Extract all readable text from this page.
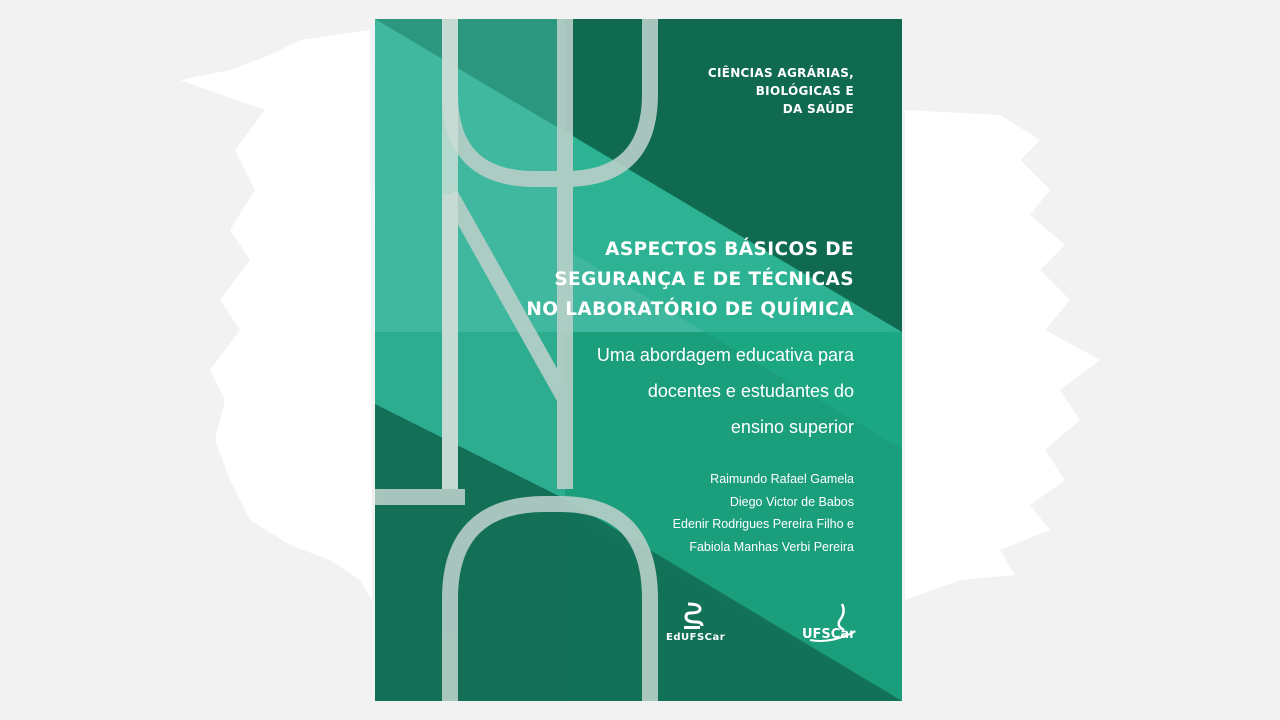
CIÊNCIAS AGRÁRIAS,
BIOLÓGICAS E
DA SAÚDE
ASPECTOS BÁSICOS DE
SEGURANÇA E DE TÉCNICAS
NO LABORATÓRIO DE QUÍMICA
Uma abordagem educativa para
docentes e estudantes do
ensino superior
Raimundo Rafael Gamela
Diego Victor de Babos
Edenir Rodrigues Pereira Filho e
Fabiola Manhas Verbi Pereira
EdUFSCar	UFSCar
